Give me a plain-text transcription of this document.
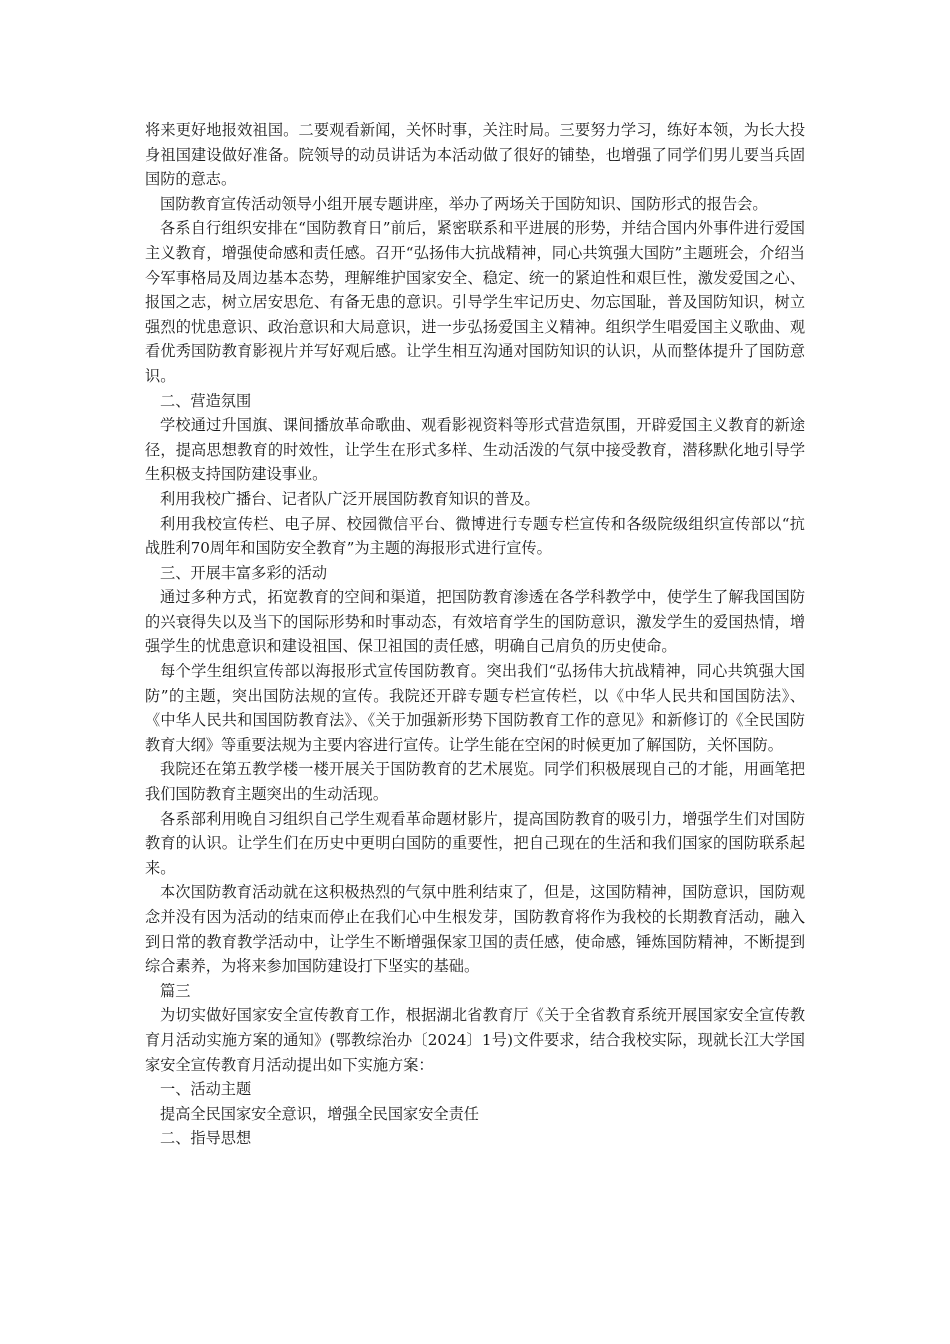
将来更好地报效祖国。二要观看新闻，关怀时事，关注时局。三要努力学习，练好本领，为长大投身祖国建设做好准备。院领导的动员讲话为本活动做了很好的铺垫，也增强了同学们男儿要当兵固国防的意志。

国防教育宣传活动领导小组开展专题讲座，举办了两场关于国防知识、国防形式的报告会。

各系自行组织安排在“国防教育日”前后，紧密联系和平进展的形势，并结合国内外事件进行爱国主义教育，增强使命感和责任感。召开“弘扬伟大抗战精神，同心共筑强大国防”主题班会，介绍当今军事格局及周边基本态势，理解维护国家安全、稳定、统一的紧迫性和艰巨性，激发爱国之心、报国之志，树立居安思危、有备无患的意识。引导学生牢记历史、勿忘国耻，普及国防知识，树立强烈的忧患意识、政治意识和大局意识，进一步弘扬爱国主义精神。组织学生唱爱国主义歌曲、观看优秀国防教育影视片并写好观后感。让学生相互沟通对国防知识的认识，从而整体提升了国防意识。

二、营造氛围

学校通过升国旗、课间播放革命歌曲、观看影视资料等形式营造氛围，开辟爱国主义教育的新途径，提高思想教育的时效性，让学生在形式多样、生动活泼的气氛中接受教育，潜移默化地引导学生积极支持国防建设事业。

利用我校广播台、记者队广泛开展国防教育知识的普及。

利用我校宣传栏、电子屏、校园微信平台、微博进行专题专栏宣传和各级院级组织宣传部以“抗战胜利70周年和国防安全教育”为主题的海报形式进行宣传。

三、开展丰富多彩的活动

通过多种方式，拓宽教育的空间和渠道，把国防教育渗透在各学科教学中，使学生了解我国国防的兴衰得失以及当下的国际形势和时事动态，有效培育学生的国防意识，激发学生的爱国热情，增强学生的忧患意识和建设祖国、保卫祖国的责任感，明确自己肩负的历史使命。

每个学生组织宣传部以海报形式宣传国防教育。突出我们“弘扬伟大抗战精神，同心共筑强大国防”的主题，突出国防法规的宣传。我院还开辟专题专栏宣传栏，以《中华人民共和国国防法》、《中华人民共和国国防教育法》、《关于加强新形势下国防教育工作的意见》和新修订的《全民国防教育大纲》等重要法规为主要内容进行宣传。让学生能在空闲的时候更加了解国防，关怀国防。

我院还在第五教学楼一楼开展关于国防教育的艺术展览。同学们积极展现自己的才能，用画笔把我们国防教育主题突出的生动活现。

各系部利用晚自习组织自己学生观看革命题材影片，提高国防教育的吸引力，增强学生们对国防教育的认识。让学生们在历史中更明白国防的重要性，把自己现在的生活和我们国家的国防联系起来。

本次国防教育活动就在这积极热烈的气氛中胜利结束了，但是，这国防精神，国防意识，国防观念并没有因为活动的结束而停止在我们心中生根发芽，国防教育将作为我校的长期教育活动，融入到日常的教育教学活动中，让学生不断增强保家卫国的责任感，使命感，锤炼国防精神，不断提到综合素养，为将来参加国防建设打下坚实的基础。

篇三

为切实做好国家安全宣传教育工作，根据湖北省教育厅《关于全省教育系统开展国家安全宣传教育月活动实施方案的通知》(鄂教综治办〔2024〕1号)文件要求，结合我校实际，现就长江大学国家安全宣传教育月活动提出如下实施方案：

一、活动主题

提高全民国家安全意识，增强全民国家安全责任

二、指导思想
